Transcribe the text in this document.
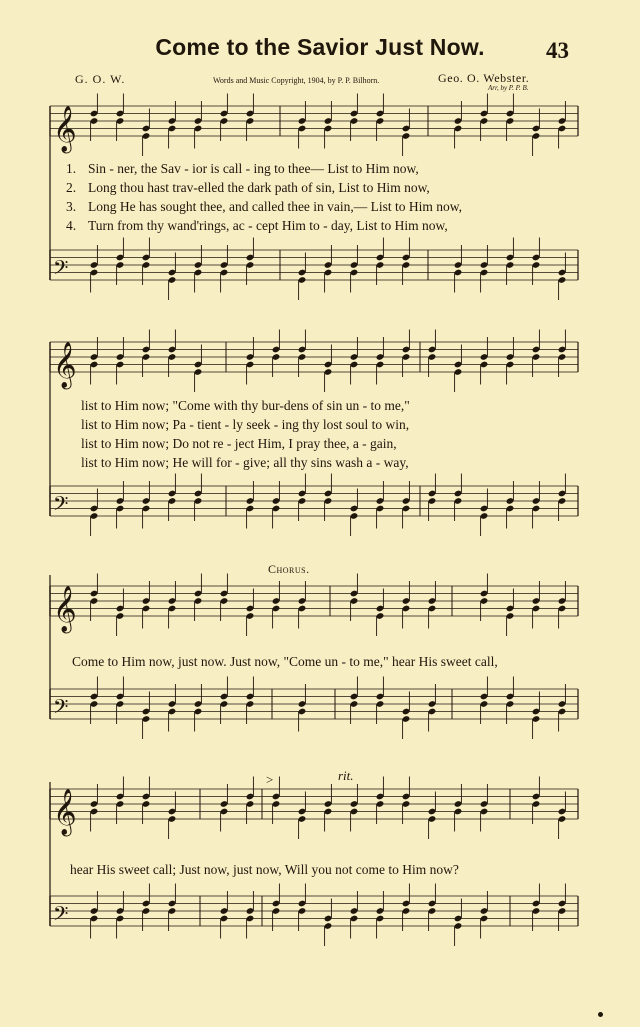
Come to the Savior Just Now.	43
G. O. W.	Words and Music Copyright, 1904, by P. P. Bilhorn.	Geo. O. Webster.
Arr, by P. P. B.
𝄞
𝄢
𝄞
𝄢
𝄞
𝄢
𝄞
𝄢
1. Sin - ner, the Sav - ior is call - ing to thee— List to Him now,
2. Long thou hast trav-elled the dark path of sin, List to Him now,
3. Long He has sought thee, and called thee in vain,— List to Him now,
4. Turn from thy wand'rings, ac - cept Him to - day, List to Him now,
list to Him now; "Come with thy bur-dens of sin un - to me,"
list to Him now; Pa - tient - ly seek - ing thy lost soul to win,
list to Him now; Do not re - ject Him, I pray thee, a - gain,
list to Him now; He will for - give; all thy sins wash a - way,
Chorus.
Come to Him now, just now. Just now, "Come un - to me," hear His sweet call,
>	rit.
hear His sweet call; Just now, just now, Will you not come to Him now?
